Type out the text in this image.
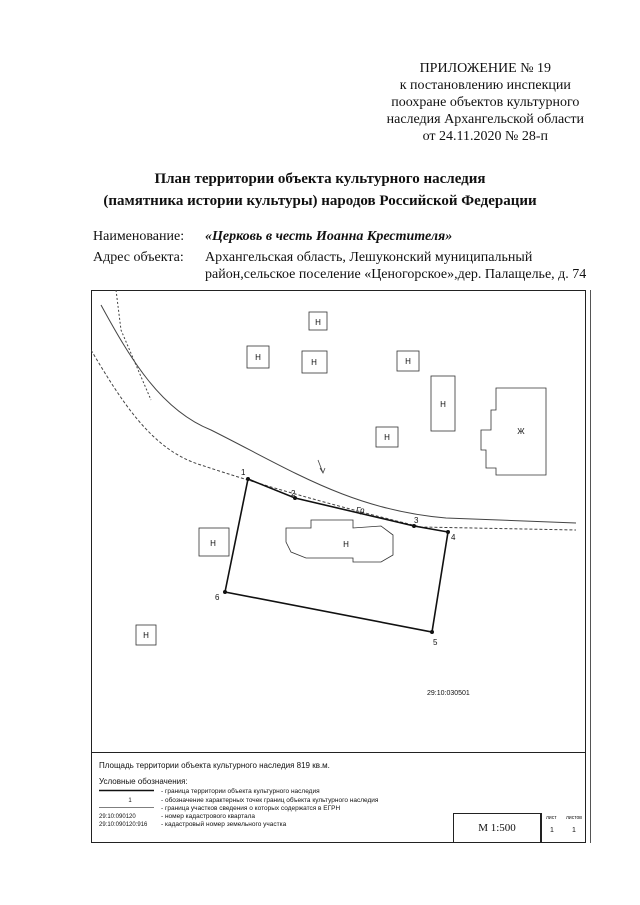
ПРИЛОЖЕНИЕ № 19
к постановлению инспекции
поохране объектов культурного
наследия Архангельской области
от 24.11.2020 № 28-п
План территории объекта культурного наследия
(памятника истории культуры) народов Российской Федерации
Наименование:	«Церковь в честь Иоанна Крестителя»
Адрес объекта:	Архангельская область, Лешуконский муниципальный район,сельское поселение «Ценогорское»,дер. Палащелье, д. 74
Н
Н
Н	Н
Н
Н
Н
Ж
Н
Н
1
2
3
4
5
6
Гр
29:10:030501
Площадь территории объекта культурного наследия 819 кв.м.
Условные обозначения:
- граница территории объекта культурного наследия
1	- обозначение характерных точек границ объекта культурного наследия
- граница участков сведения о которых содержатся в ЕГРН
29:10:090120	- номер кадастрового квартала
29:10:090120:916	- кадастровый номер земельного участка	М 1:500
лист листов
1	1
